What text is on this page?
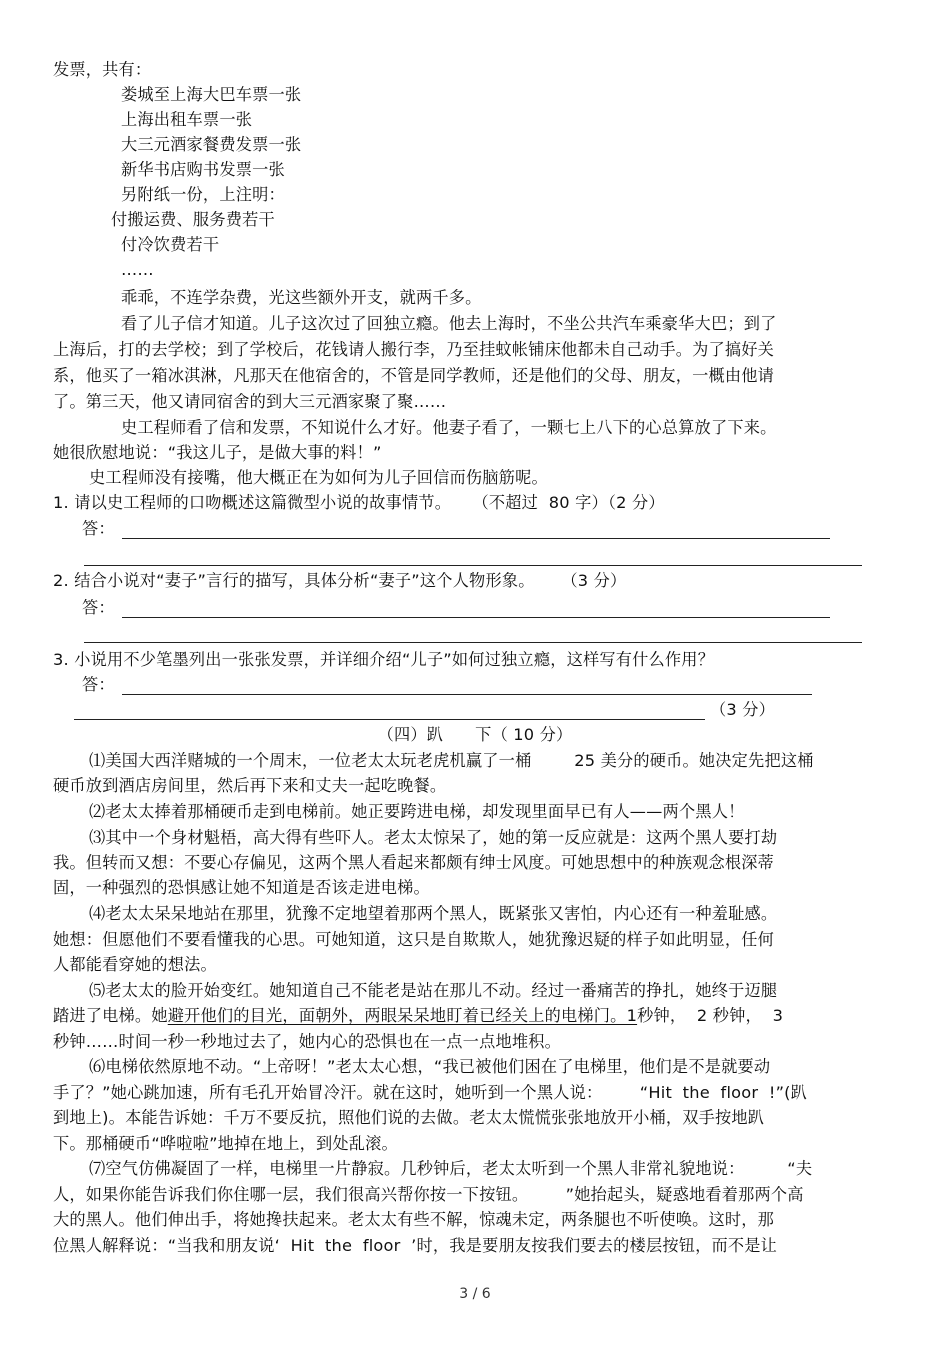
发票，共有：
娄城至上海大巴车票一张
上海出租车票一张
大三元酒家餐费发票一张
新华书店购书发票一张
另附纸一份，上注明：
付搬运费、服务费若干
付冷饮费若干
……
乖乖，不连学杂费，光这些额外开支，就两千多。
看了儿子信才知道。儿子这次过了回独立瘾。他去上海时，不坐公共汽车乘豪华大巴；到了
上海后，打的去学校；到了学校后，花钱请人搬行李，乃至挂蚊帐铺床他都未自己动手。为了搞好关
系，他买了一箱冰淇淋，凡那天在他宿舍的，不管是同学教师，还是他们的父母、朋友，一概由他请
了。第三天，他又请同宿舍的到大三元酒家聚了聚……
史工程师看了信和发票，不知说什么才好。他妻子看了，一颗七上八下的心总算放了下来。
她很欣慰地说：“我这儿子，是做大事的料！”
史工程师没有接嘴，他大概正在为如何为儿子回信而伤脑筋呢。
1. 请以史工程师的口吻概述这篇微型小说的故事情节。    （不超过  80 字）（2 分）
答：
2. 结合小说对“妻子”言行的描写，具体分析“妻子”这个人物形象。     （3 分）
答：
3. 小说用不少笔墨列出一张张发票，并详细介绍“儿子”如何过独立瘾，这样写有什么作用？
答：
（3 分）
（四）趴      下（ 10 分）
⑴美国大西洋赌城的一个周末，一位老太太玩老虎机赢了一桶        25 美分的硬币。她决定先把这桶
硬币放到酒店房间里，然后再下来和丈夫一起吃晚餐。
⑵老太太捧着那桶硬币走到电梯前。她正要跨进电梯，却发现里面早已有人——两个黑人！
⑶其中一个身材魁梧，高大得有些吓人。老太太惊呆了，她的第一反应就是：这两个黑人要打劫
我。但转而又想：不要心存偏见，这两个黑人看起来都颇有绅士风度。可她思想中的种族观念根深蒂
固，一种强烈的恐惧感让她不知道是否该走进电梯。
⑷老太太呆呆地站在那里，犹豫不定地望着那两个黑人，既紧张又害怕，内心还有一种羞耻感。
她想：但愿他们不要看懂我的心思。可她知道，这只是自欺欺人，她犹豫迟疑的样子如此明显，任何
人都能看穿她的想法。
⑸老太太的脸开始变红。她知道自己不能老是站在那儿不动。经过一番痛苦的挣扎，她终于迈腿
踏进了电梯。她避开他们的目光，面朝外，两眼呆呆地盯着已经关上的电梯门。1秒钟，  2 秒钟，  3
秒钟……时间一秒一秒地过去了，她内心的恐惧也在一点一点地堆积。
⑹电梯依然原地不动。“上帝呀！”老太太心想，“我已被他们困在了电梯里，他们是不是就要动
手了？”她心跳加速，所有毛孔开始冒冷汗。就在这时，她听到一个黑人说：       “Hit  the  floor  !”(趴
到地上)。本能告诉她：千万不要反抗，照他们说的去做。老太太慌慌张张地放开小桶，双手按地趴
下。那桶硬币“哗啦啦”地掉在地上，到处乱滚。
⑺空气仿佛凝固了一样，电梯里一片静寂。几秒钟后，老太太听到一个黑人非常礼貌地说：        “夫
人，如果你能告诉我们你住哪一层，我们很高兴帮你按一下按钮。       ”她抬起头，疑惑地看着那两个高
大的黑人。他们伸出手，将她搀扶起来。老太太有些不解，惊魂未定，两条腿也不听使唤。这时，那
位黑人解释说：“当我和朋友说‘  Hit  the  floor  ’时，我是要朋友按我们要去的楼层按钮，而不是让
3 / 6
